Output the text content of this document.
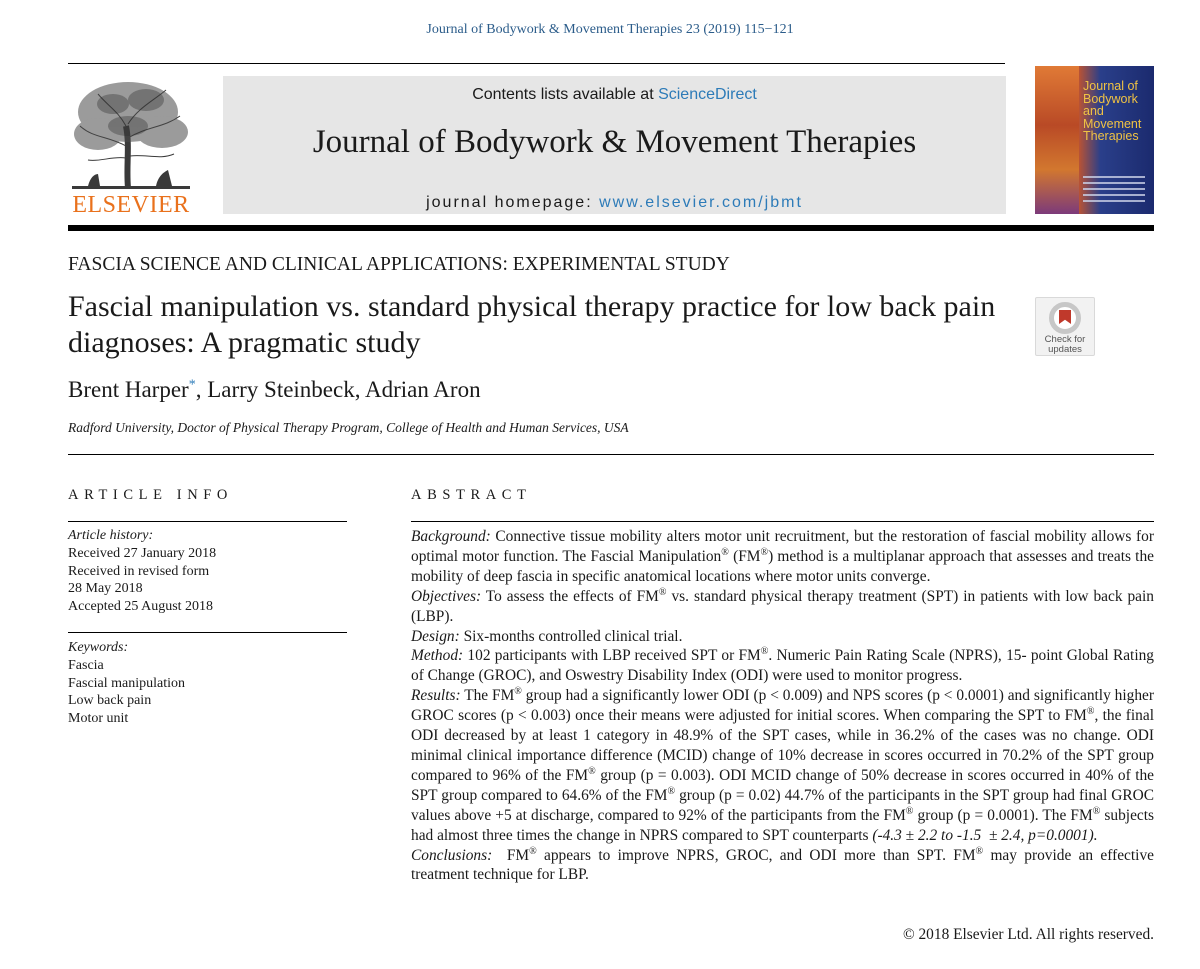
Journal of Bodywork & Movement Therapies 23 (2019) 115−121
ELSEVIER
Contents lists available at ScienceDirect
Journal of Bodywork & Movement Therapies
journal homepage: www.elsevier.com/jbmt
Journal of Bodywork and Movement Therapies
FASCIA SCIENCE AND CLINICAL APPLICATIONS: EXPERIMENTAL STUDY
Fascial manipulation vs. standard physical therapy practice for low back pain diagnoses: A pragmatic study	Check for
updates
Brent Harper*, Larry Steinbeck, Adrian Aron
Radford University, Doctor of Physical Therapy Program, College of Health and Human Services, USA
ARTICLE INFO
Article history:
Received 27 January 2018
Received in revised form
28 May 2018
Accepted 25 August 2018
Keywords:
Fascia
Fascial manipulation
Low back pain
Motor unit
ABSTRACT

Background: Connective tissue mobility alters motor unit recruitment, but the restoration of fascial mobility allows for optimal motor function. The Fascial Manipulation® (FM®) method is a multiplanar approach that assesses and treats the mobility of deep fascia in specific anatomical locations where motor units converge.

Objectives: To assess the effects of FM® vs. standard physical therapy treatment (SPT) in patients with low back pain (LBP).

Design: Six-months controlled clinical trial.

Method: 102 participants with LBP received SPT or FM®. Numeric Pain Rating Scale (NPRS), 15- point Global Rating of Change (GROC), and Oswestry Disability Index (ODI) were used to monitor progress.

Results: The FM® group had a significantly lower ODI (p < 0.009) and NPS scores (p < 0.0001) and significantly higher GROC scores (p < 0.003) once their means were adjusted for initial scores. When comparing the SPT to FM®, the final ODI decreased by at least 1 category in 48.9% of the SPT cases, while in 36.2% of the cases was no change. ODI minimal clinical importance difference (MCID) change of 10% decrease in scores occurred in 70.2% of the SPT group compared to 96% of the FM® group (p = 0.003). ODI MCID change of 50% decrease in scores occurred in 40% of the SPT group compared to 64.6% of the FM® group (p = 0.02) 44.7% of the participants in the SPT group had final GROC values above +5 at discharge, compared to 92% of the participants from the FM® group (p = 0.0001). The FM® subjects had almost three times the change in NPRS compared to SPT counterparts (-4.3 ± 2.2 to -1.5  ± 2.4, p=0.0001).

Conclusions:  FM® appears to improve NPRS, GROC, and ODI more than SPT. FM® may provide an effective treatment technique for LBP.

© 2018 Elsevier Ltd. All rights reserved.
